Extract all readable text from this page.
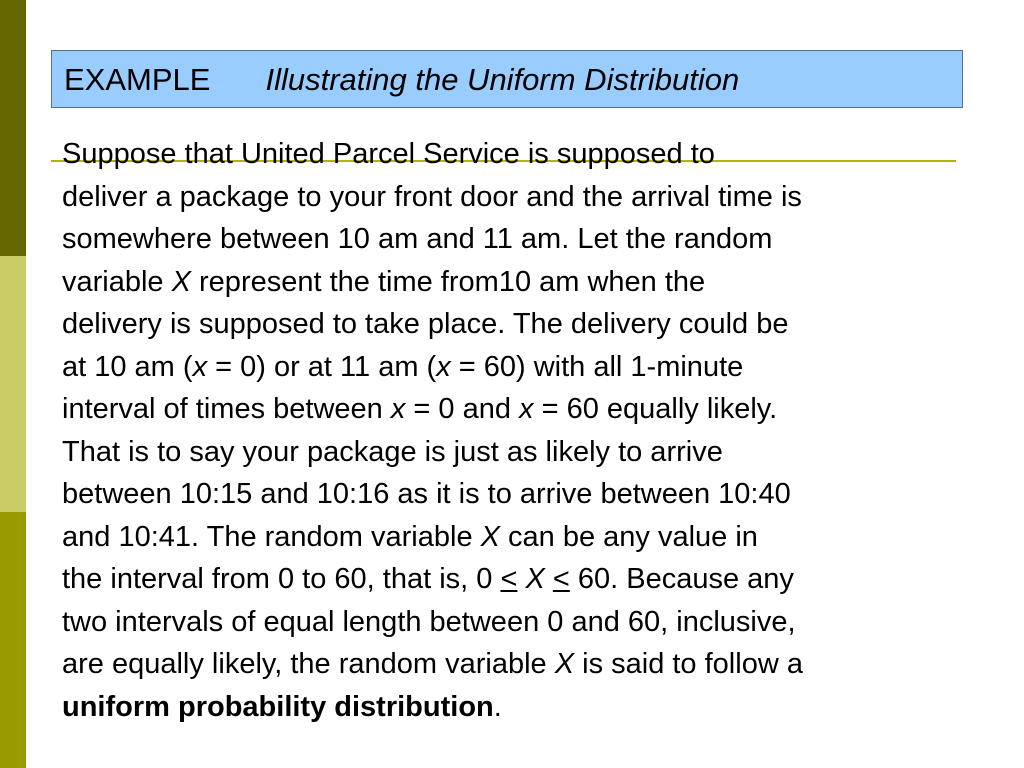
EXAMPLE Illustrating the Uniform Distribution
Suppose that United Parcel Service is supposed to
deliver a package to your front door and the arrival time is
somewhere between 10 am and 11 am. Let the random
variable X represent the time from10 am when the
delivery is supposed to take place. The delivery could be
at 10 am (x = 0) or at 11 am (x = 60) with all 1-minute
interval of times between x = 0 and x = 60 equally likely.
That is to say your package is just as likely to arrive
between 10:15 and 10:16 as it is to arrive between 10:40
and 10:41. The random variable X can be any value in
the interval from 0 to 60, that is, 0 ≤ X ≤ 60. Because any
two intervals of equal length between 0 and 60, inclusive,
are equally likely, the random variable X is said to follow a
uniform probability distribution.
